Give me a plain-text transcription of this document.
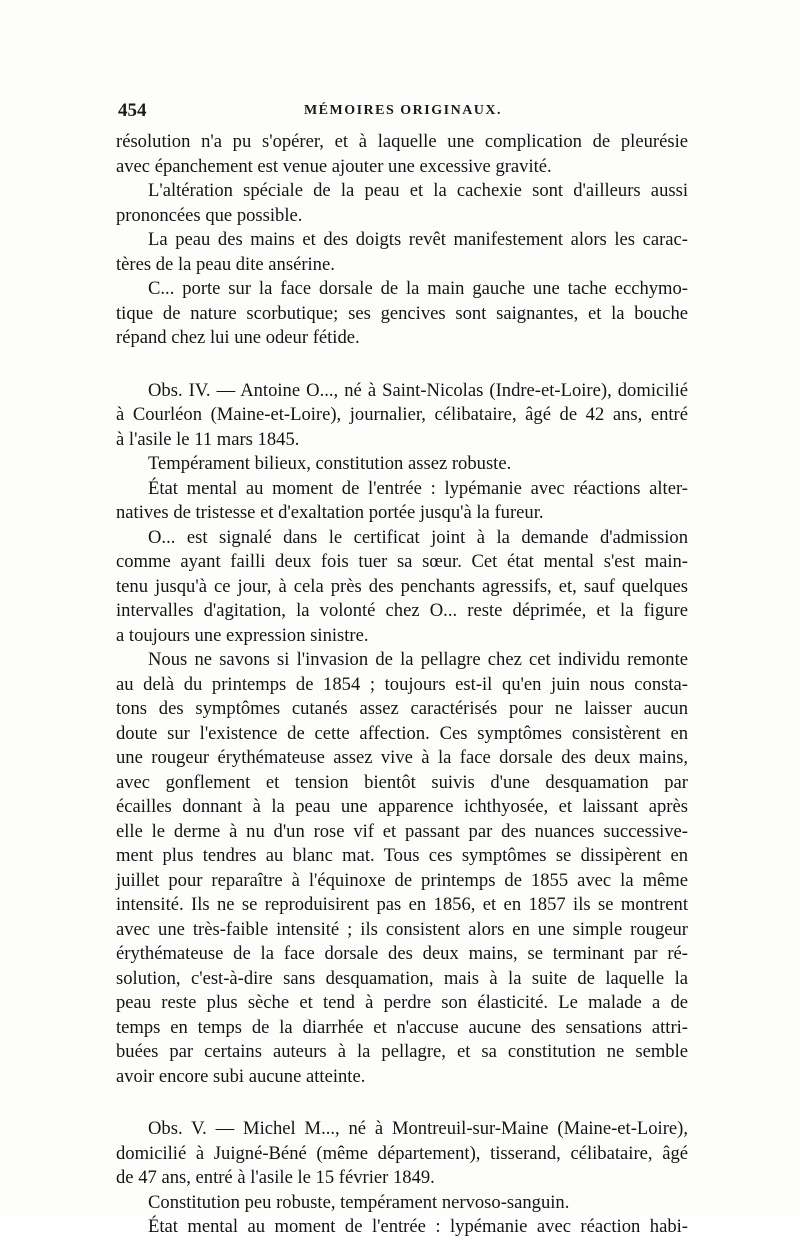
454	MÉMOIRES ORIGINAUX.
résolution n'a pu s'opérer, et à laquelle une complication de pleurésie
avec épanchement est venue ajouter une excessive gravité.
L'altération spéciale de la peau et la cachexie sont d'ailleurs aussi
prononcées que possible.
La peau des mains et des doigts revêt manifestement alors les carac-
tères de la peau dite ansérine.
C... porte sur la face dorsale de la main gauche une tache ecchymo-
tique de nature scorbutique; ses gencives sont saignantes, et la bouche
répand chez lui une odeur fétide.
Obs. IV. — Antoine O..., né à Saint-Nicolas (Indre-et-Loire), domicilié
à Courléon (Maine-et-Loire), journalier, célibataire, âgé de 42 ans, entré
à l'asile le 11 mars 1845.
Tempérament bilieux, constitution assez robuste.
État mental au moment de l'entrée : lypémanie avec réactions alter-
natives de tristesse et d'exaltation portée jusqu'à la fureur.
O... est signalé dans le certificat joint à la demande d'admission
comme ayant failli deux fois tuer sa sœur. Cet état mental s'est main-
tenu jusqu'à ce jour, à cela près des penchants agressifs, et, sauf quelques
intervalles d'agitation, la volonté chez O... reste déprimée, et la figure
a toujours une expression sinistre.
Nous ne savons si l'invasion de la pellagre chez cet individu remonte
au delà du printemps de 1854 ; toujours est-il qu'en juin nous consta-
tons des symptômes cutanés assez caractérisés pour ne laisser aucun
doute sur l'existence de cette affection. Ces symptômes consistèrent en
une rougeur érythémateuse assez vive à la face dorsale des deux mains,
avec gonflement et tension bientôt suivis d'une desquamation par
écailles donnant à la peau une apparence ichthyosée, et laissant après
elle le derme à nu d'un rose vif et passant par des nuances successive-
ment plus tendres au blanc mat. Tous ces symptômes se dissipèrent en
juillet pour reparaître à l'équinoxe de printemps de 1855 avec la même
intensité. Ils ne se reproduisirent pas en 1856, et en 1857 ils se montrent
avec une très-faible intensité ; ils consistent alors en une simple rougeur
érythémateuse de la face dorsale des deux mains, se terminant par ré-
solution, c'est-à-dire sans desquamation, mais à la suite de laquelle la
peau reste plus sèche et tend à perdre son élasticité. Le malade a de
temps en temps de la diarrhée et n'accuse aucune des sensations attri-
buées par certains auteurs à la pellagre, et sa constitution ne semble
avoir encore subi aucune atteinte.
Obs. V. — Michel M..., né à Montreuil-sur-Maine (Maine-et-Loire),
domicilié à Juigné-Béné (même département), tisserand, célibataire, âgé
de 47 ans, entré à l'asile le 15 février 1849.
Constitution peu robuste, tempérament nervoso-sanguin.
État mental au moment de l'entrée : lypémanie avec réaction habi-
